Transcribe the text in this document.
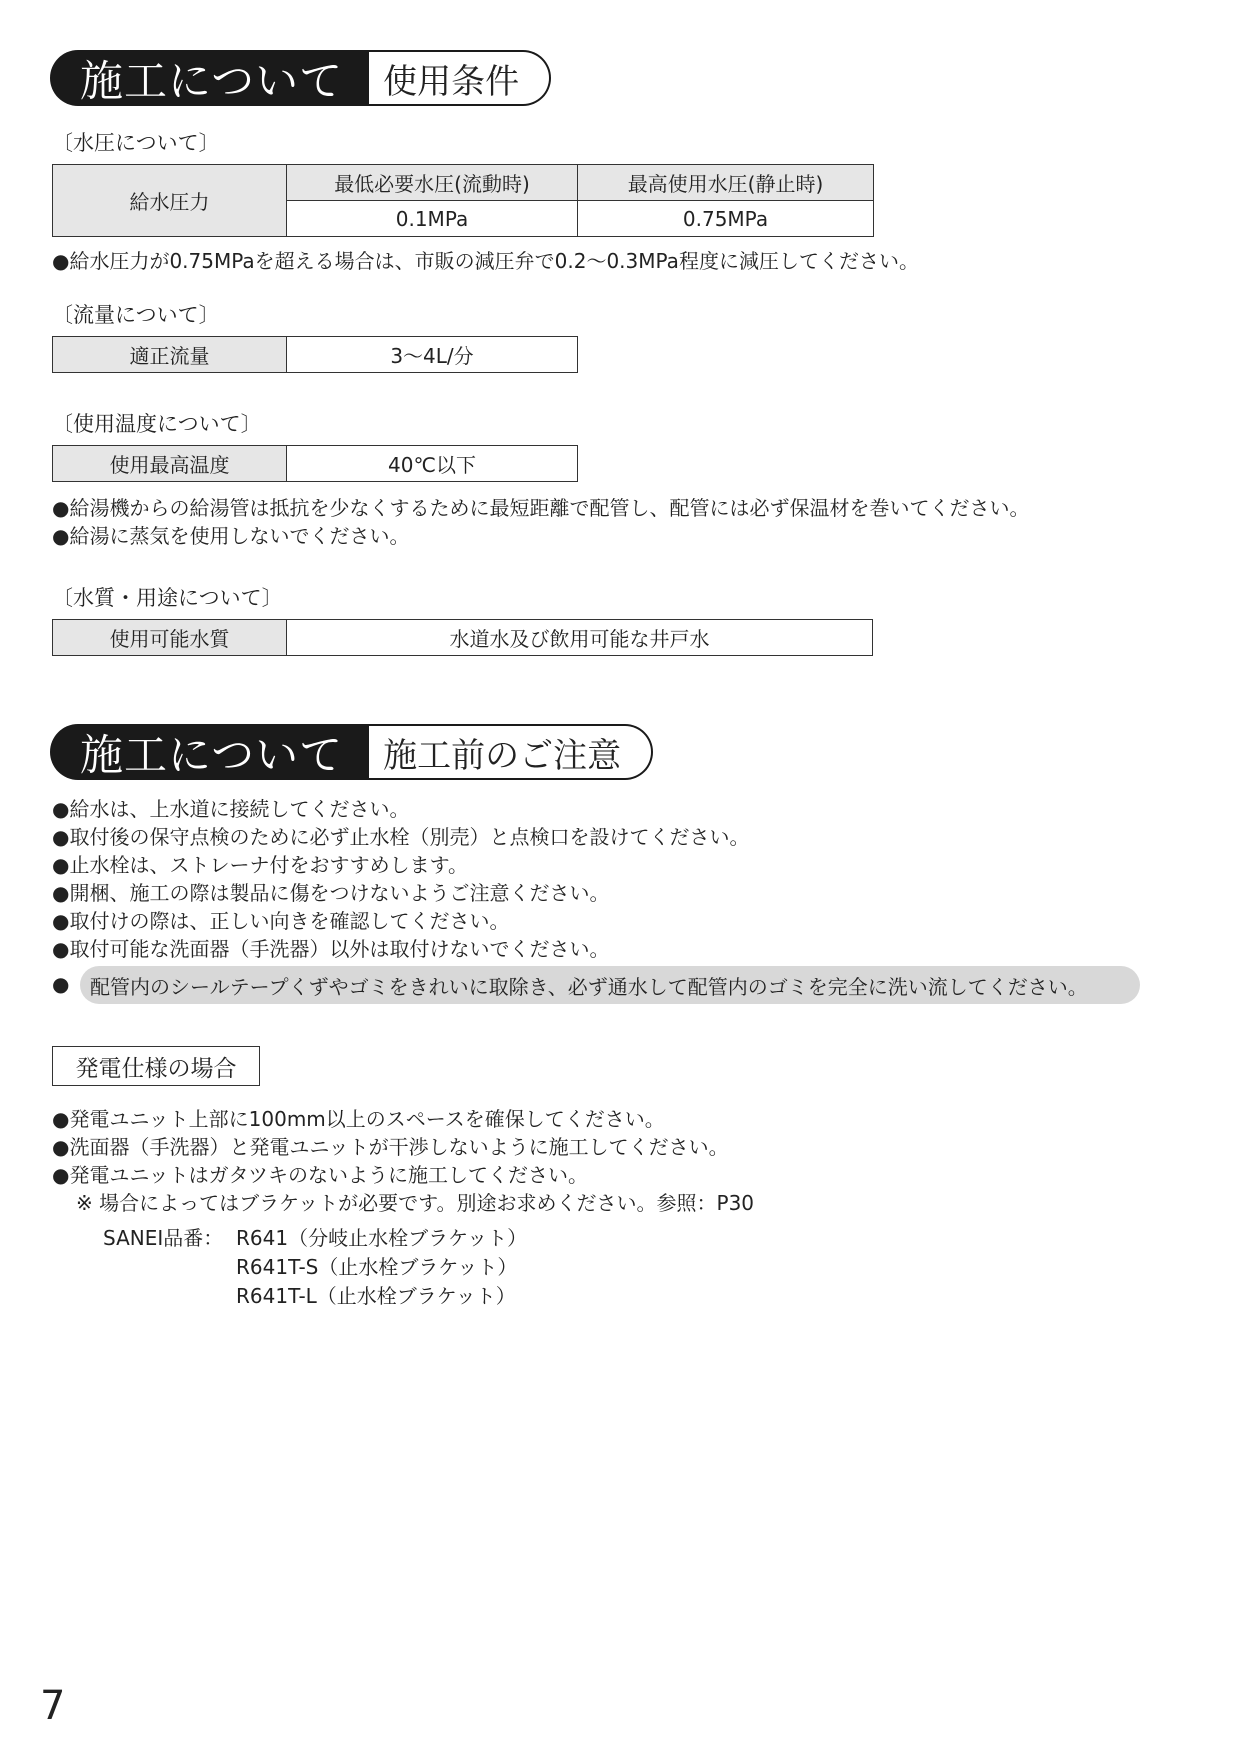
施工について	使用条件
〔水圧について〕
給水圧力	最低必要水圧(流動時)	最高使用水圧(静止時)
	0.1MPa	0.75MPa
●給水圧力が0.75MPaを超える場合は、市販の減圧弁で0.2〜0.3MPa程度に減圧してください。
〔流量について〕
適正流量	3〜4L/分
〔使用温度について〕
使用最高温度	40℃以下
●給湯機からの給湯管は抵抗を少なくするために最短距離で配管し、配管には必ず保温材を巻いてください。
●給湯に蒸気を使用しないでください。
〔水質・用途について〕
使用可能水質	水道水及び飲用可能な井戸水
施工について	施工前のご注意
●給水は、上水道に接続してください。
●取付後の保守点検のために必ず止水栓（別売）と点検口を設けてください。
●止水栓は、ストレーナ付をおすすめします。
●開梱、施工の際は製品に傷をつけないようご注意ください。
●取付けの際は、正しい向きを確認してください。
●取付可能な洗面器（手洗器）以外は取付けないでください。
● 配管内のシールテープくずやゴミをきれいに取除き、必ず通水して配管内のゴミを完全に洗い流してください。
発電仕様の場合
●発電ユニット上部に100mm以上のスペースを確保してください。
●洗面器（手洗器）と発電ユニットが干渉しないように施工してください。
●発電ユニットはガタツキのないように施工してください。
※ 場合によってはブラケットが必要です。別途お求めください。参照：P30
SANEI品番： R641（分岐止水栓ブラケット）
R641T-S（止水栓ブラケット）
R641T-L（止水栓ブラケット）
7
